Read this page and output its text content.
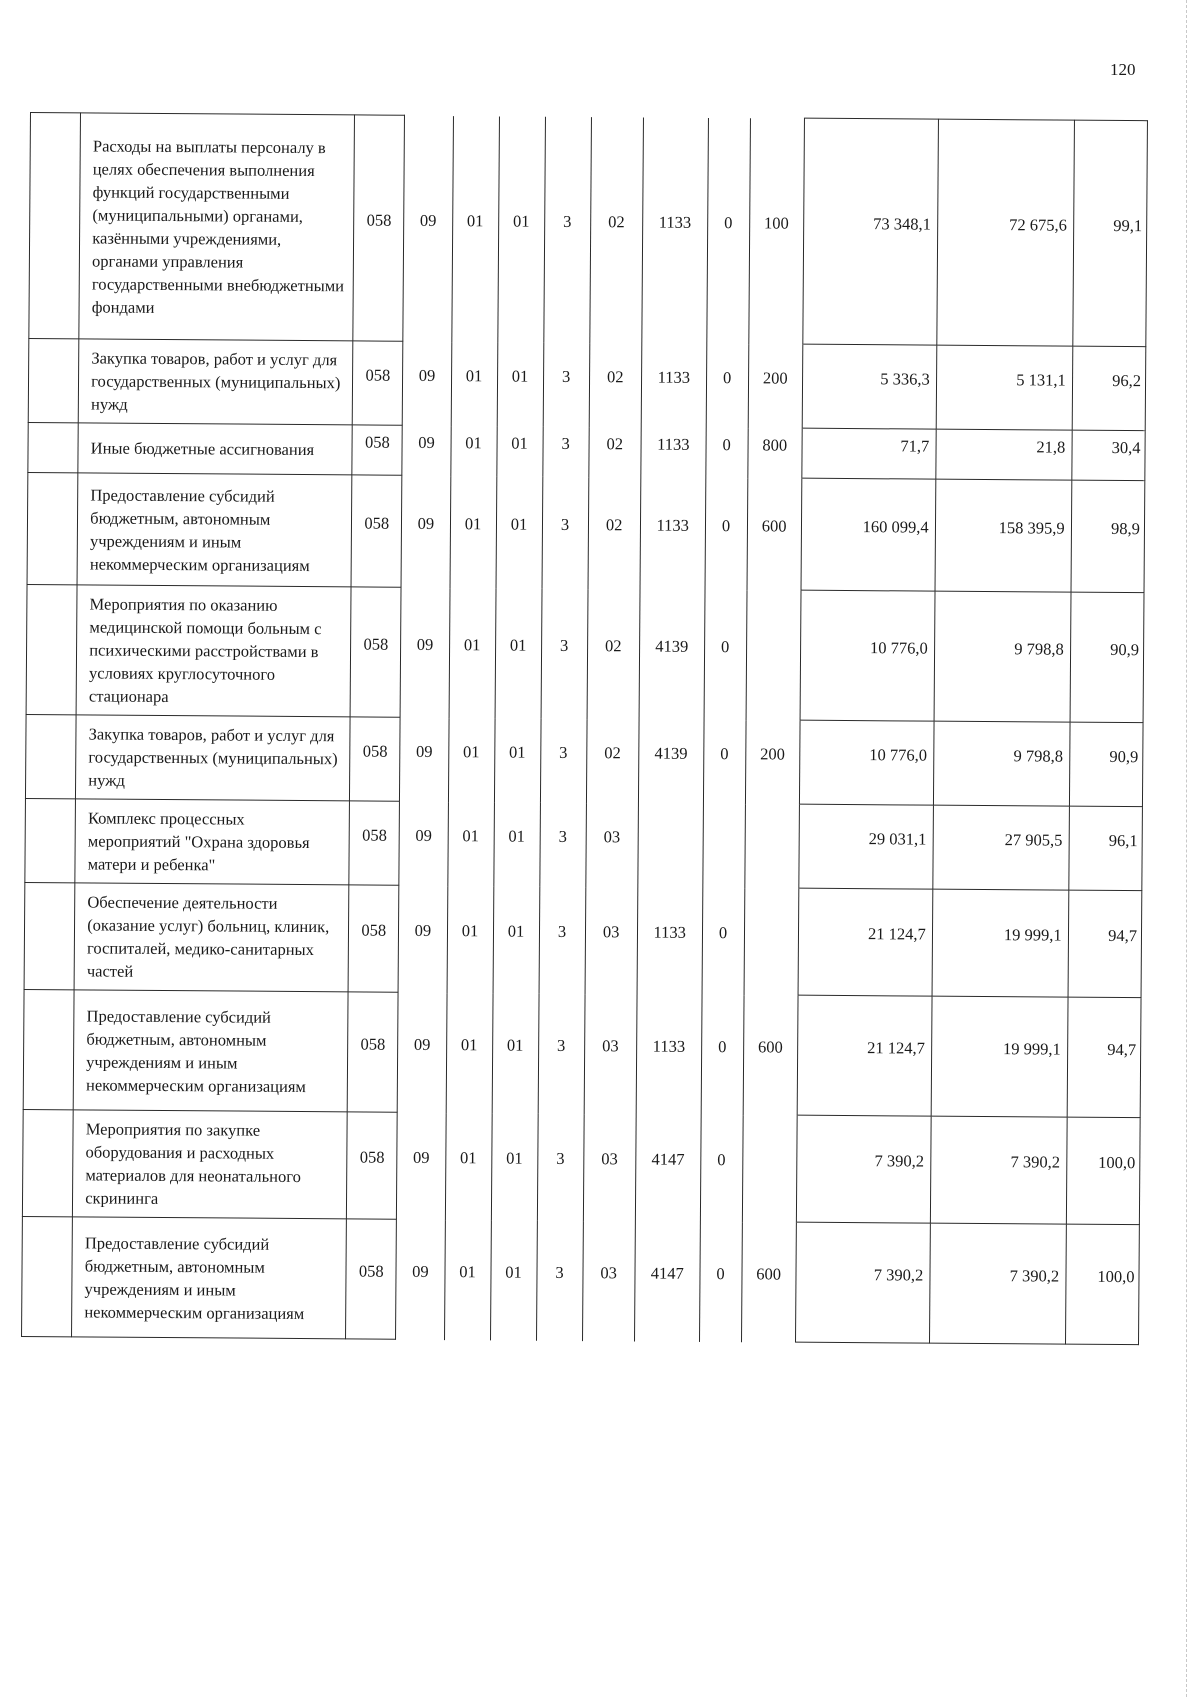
120
	Расходы на выплаты персоналу в целях обеспечения выполнения функций государственными (муниципальными) органами, казёнными учреждениями, органами управления государственными внебюджетными фондами	058	09	01	01	3	02	1133	0	100	73 348,1	72 675,6	99,1
	Закупка товаров, работ и услуг для государственных (муниципальных) нужд	058	09	01	01	3	02	1133	0	200	5 336,3	5 131,1	96,2
	Иные бюджетные ассигнования	058	09	01	01	3	02	1133	0	800	71,7	21,8	30,4
	Предоставление субсидий бюджетным, автономным учреждениям и иным некоммерческим организациям	058	09	01	01	3	02	1133	0	600	160 099,4	158 395,9	98,9
	Мероприятия по оказанию медицинской помощи больным с психическими расстройствами в условиях круглосуточного стационара	058	09	01	01	3	02	4139	0		10 776,0	9 798,8	90,9
	Закупка товаров, работ и услуг для государственных (муниципальных) нужд	058	09	01	01	3	02	4139	0	200	10 776,0	9 798,8	90,9
	Комплекс процессных мероприятий "Охрана здоровья матери и ребенка"	058	09	01	01	3	03				29 031,1	27 905,5	96,1
	Обеспечение деятельности (оказание услуг) больниц, клиник, госпиталей, медико-санитарных частей	058	09	01	01	3	03	1133	0		21 124,7	19 999,1	94,7
	Предоставление субсидий бюджетным, автономным учреждениям и иным некоммерческим организациям	058	09	01	01	3	03	1133	0	600	21 124,7	19 999,1	94,7
	Мероприятия по закупке оборудования и расходных материалов для неонатального скрининга	058	09	01	01	3	03	4147	0		7 390,2	7 390,2	100,0
	Предоставление субсидий бюджетным, автономным учреждениям и иным некоммерческим организациям	058	09	01	01	3	03	4147	0	600	7 390,2	7 390,2	100,0
